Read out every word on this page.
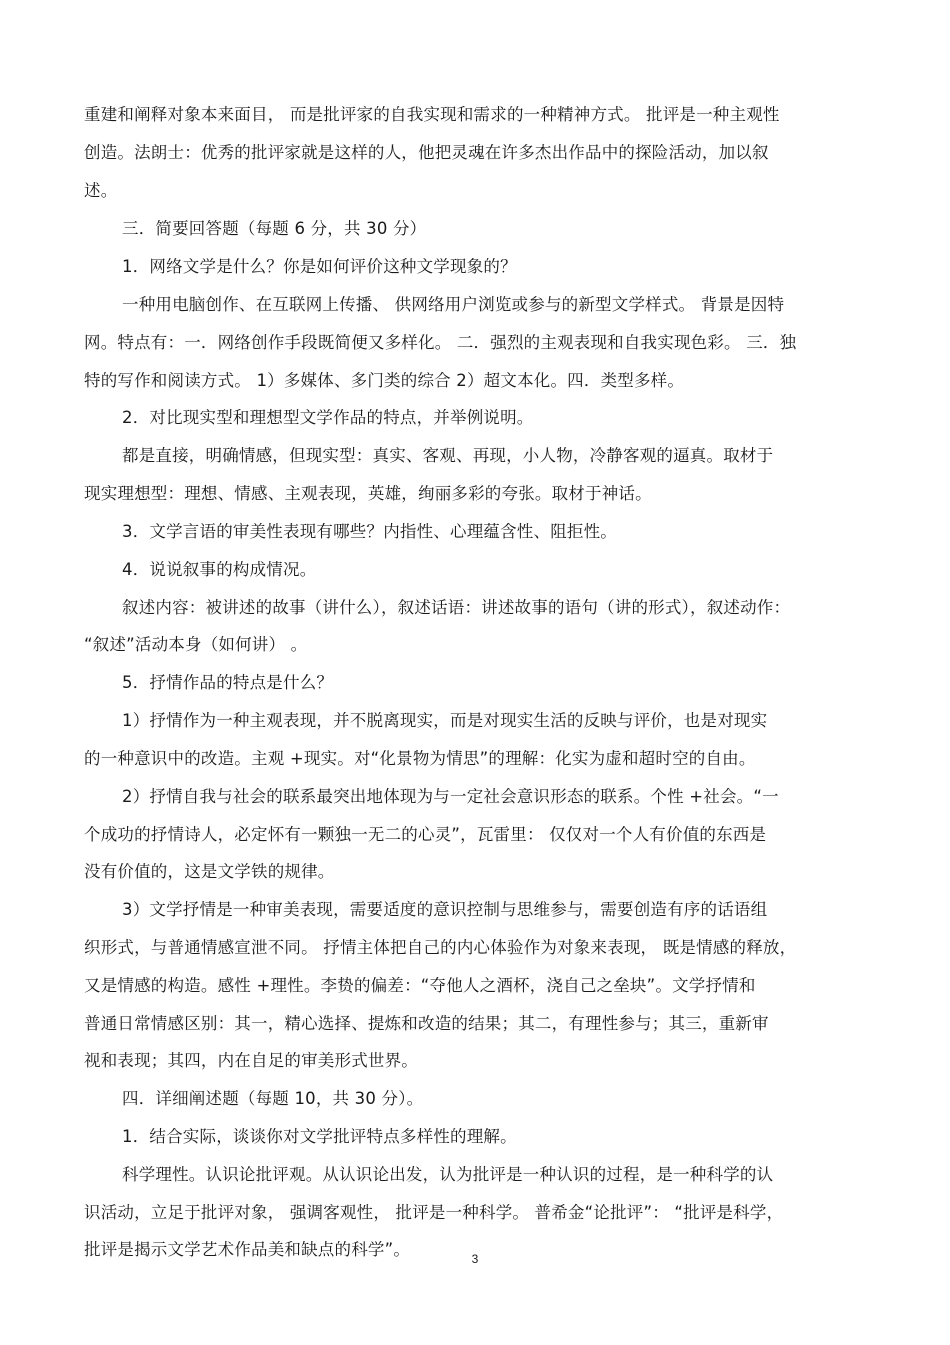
重建和阐释对象本来面目， 而是批评家的自我实现和需求的一种精神方式。 批评是一种主观性
创造。法朗士：优秀的批评家就是这样的人，他把灵魂在许多杰出作品中的探险活动，加以叙
述。
三．简要回答题（每题 6 分，共 30 分）
1．网络文学是什么？你是如何评价这种文学现象的？
一种用电脑创作、在互联网上传播、 供网络用户浏览或参与的新型文学样式。 背景是因特
网。特点有：一．网络创作手段既简便又多样化。 二．强烈的主观表现和自我实现色彩。 三．独
特的写作和阅读方式。 1）多媒体、多门类的综合 2）超文本化。四．类型多样。
2．对比现实型和理想型文学作品的特点，并举例说明。
都是直接，明确情感，但现实型：真实、客观、再现，小人物，冷静客观的逼真。取材于
现实理想型：理想、情感、主观表现，英雄，绚丽多彩的夸张。取材于神话。
3．文学言语的审美性表现有哪些？内指性、心理蕴含性、阻拒性。
4．说说叙事的构成情况。
叙述内容：被讲述的故事（讲什么），叙述话语：讲述故事的语句（讲的形式），叙述动作：
“叙述”活动本身（如何讲） 。
5．抒情作品的特点是什么？
1）抒情作为一种主观表现，并不脱离现实，而是对现实生活的反映与评价，也是对现实
的一种意识中的改造。主观 +现实。对“化景物为情思”的理解：化实为虚和超时空的自由。
2）抒情自我与社会的联系最突出地体现为与一定社会意识形态的联系。个性 +社会。“一
个成功的抒情诗人，必定怀有一颗独一无二的心灵”，瓦雷里： 仅仅对一个人有价值的东西是
没有价值的，这是文学铁的规律。
3）文学抒情是一种审美表现，需要适度的意识控制与思维参与，需要创造有序的话语组
织形式，与普通情感宣泄不同。 抒情主体把自己的内心体验作为对象来表现， 既是情感的释放，
又是情感的构造。感性 +理性。李贽的偏差：“夺他人之酒杯，浇自己之垒块”。文学抒情和
普通日常情感区别：其一，精心选择、提炼和改造的结果；其二，有理性参与；其三，重新审
视和表现；其四，内在自足的审美形式世界。
四．详细阐述题（每题 10，共 30 分）。
1．结合实际，谈谈你对文学批评特点多样性的理解。
科学理性。认识论批评观。从认识论出发，认为批评是一种认识的过程，是一种科学的认
识活动，立足于批评对象， 强调客观性， 批评是一种科学。 普希金“论批评”： “批评是科学，
批评是揭示文学艺术作品美和缺点的科学”。	3
